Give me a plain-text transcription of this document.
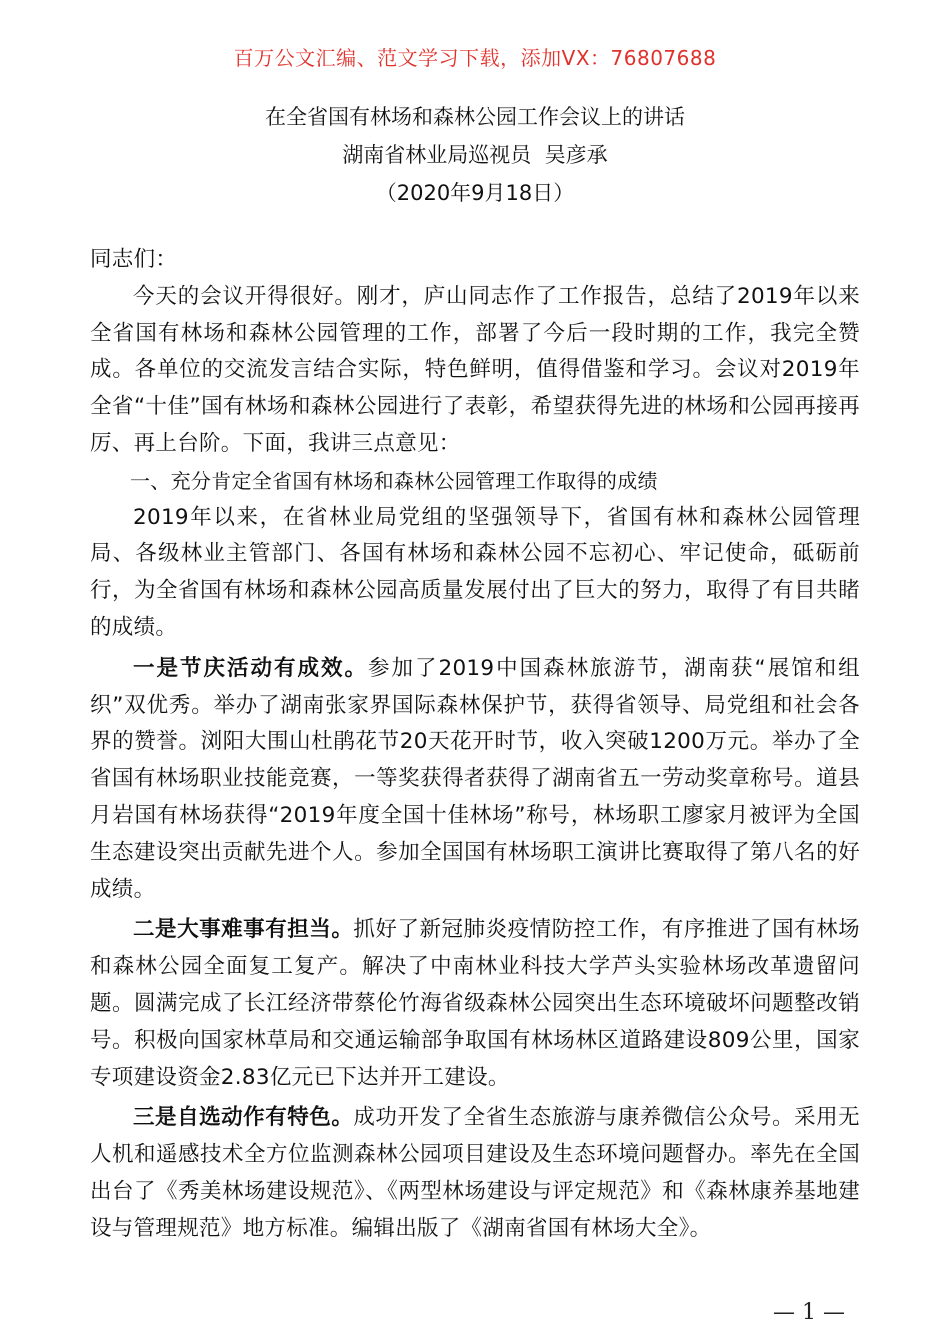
百万公文汇编、范文学习下载，添加VX：76807688
在全省国有林场和森林公园工作会议上的讲话
湖南省林业局巡视员  吴彦承
（2020年9月18日）

同志们：

今天的会议开得很好。刚才，庐山同志作了工作报告，总结了2019年以来全省国有林场和森林公园管理的工作，部署了今后一段时期的工作，我完全赞成。各单位的交流发言结合实际，特色鲜明，值得借鉴和学习。会议对2019年全省“十佳”国有林场和森林公园进行了表彰，希望获得先进的林场和公园再接再厉、再上台阶。下面，我讲三点意见：

一、充分肯定全省国有林场和森林公园管理工作取得的成绩

2019年以来，在省林业局党组的坚强领导下，省国有林和森林公园管理局、各级林业主管部门、各国有林场和森林公园不忘初心、牢记使命，砥砺前行，为全省国有林场和森林公园高质量发展付出了巨大的努力，取得了有目共睹的成绩。

一是节庆活动有成效。参加了2019中国森林旅游节，湖南获“展馆和组织”双优秀。举办了湖南张家界国际森林保护节，获得省领导、局党组和社会各界的赞誉。浏阳大围山杜鹃花节20天花开时节，收入突破1200万元。举办了全省国有林场职业技能竞赛，一等奖获得者获得了湖南省五一劳动奖章称号。道县月岩国有林场获得“2019年度全国十佳林场”称号，林场职工廖家月被评为全国生态建设突出贡献先进个人。参加全国国有林场职工演讲比赛取得了第八名的好成绩。

二是大事难事有担当。抓好了新冠肺炎疫情防控工作，有序推进了国有林场和森林公园全面复工复产。解决了中南林业科技大学芦头实验林场改革遗留问题。圆满完成了长江经济带蔡伦竹海省级森林公园突出生态环境破坏问题整改销号。积极向国家林草局和交通运输部争取国有林场林区道路建设809公里，国家专项建设资金2.83亿元已下达并开工建设。

三是自选动作有特色。成功开发了全省生态旅游与康养微信公众号。采用无人机和遥感技术全方位监测森林公园项目建设及生态环境问题督办。率先在全国出台了《秀美林场建设规范》、《两型林场建设与评定规范》和《森林康养基地建设与管理规范》地方标准。编辑出版了《湖南省国有林场大全》。

— 1 —
